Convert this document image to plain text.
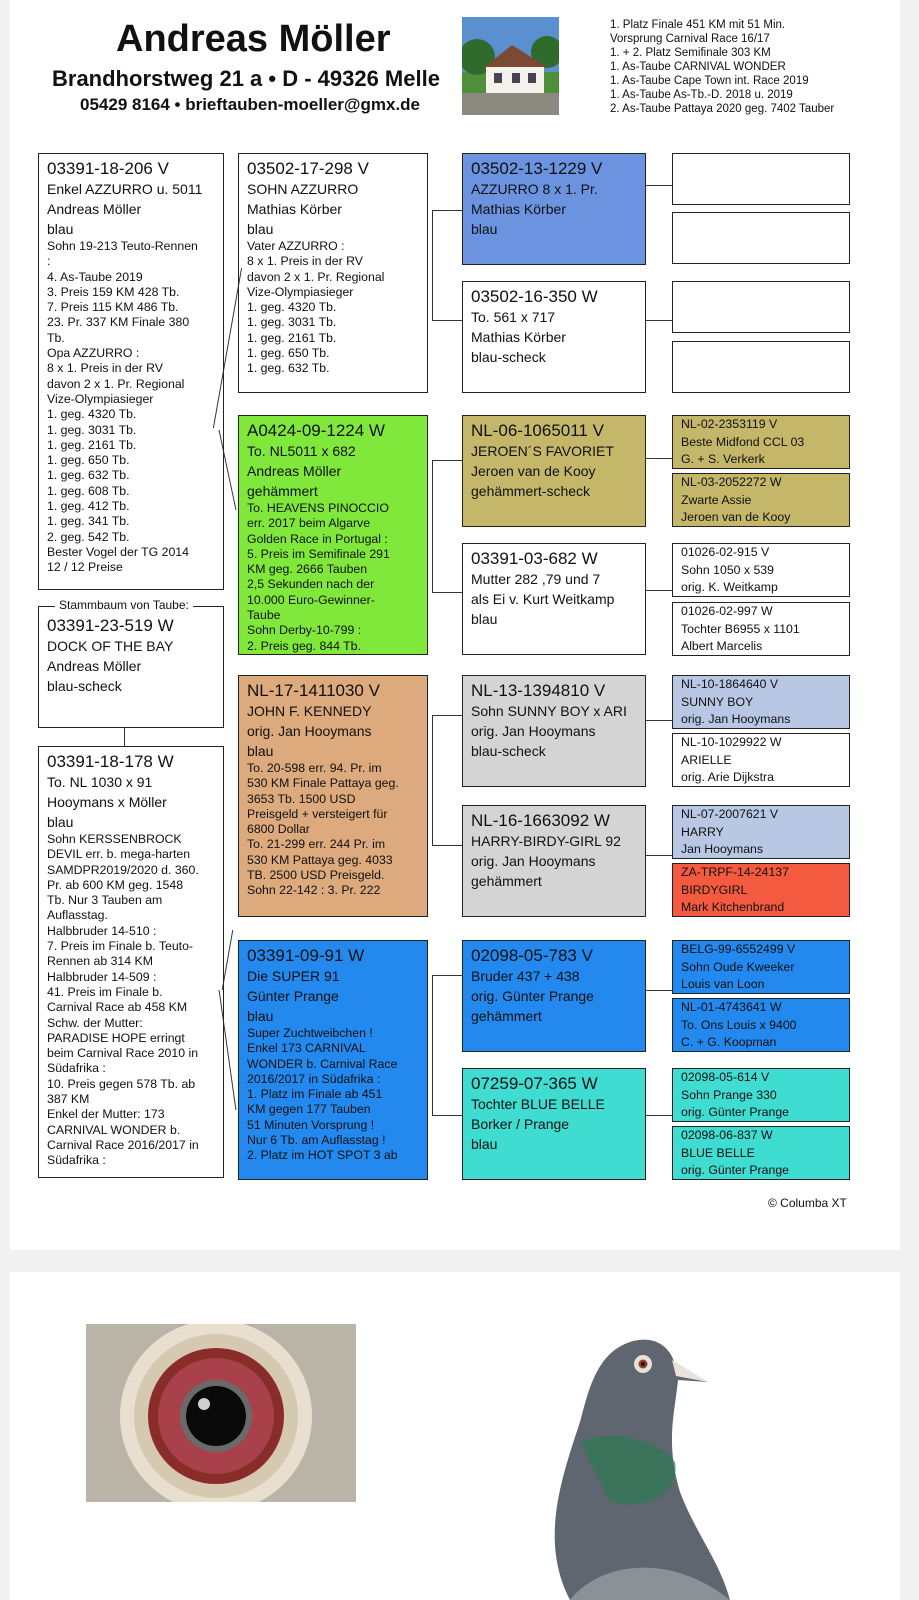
Andreas Möller
Brandhorstweg 21 a • D - 49326 Melle
05429 8164 • brieftauben-moeller@gmx.de
1. Platz Finale 451 KM mit 51 Min.
Vorsprung Carnival Race 16/17
1. + 2. Platz Semifinale 303 KM
1. As-Taube CARNIVAL WONDER
1. As-Taube Cape Town int. Race 2019
1. As-Taube As-Tb.-D. 2018 u. 2019
2. As-Taube Pattaya 2020 geg. 7402 Tauber
03391-18-206 V
Enkel AZZURRO u. 5011
Andreas Möller
blau
Sohn 19-213 Teuto-Rennen
:
4. As-Taube 2019
3. Preis 159 KM 428 Tb.
7. Preis 115 KM 486 Tb.
23. Pr. 337 KM Finale 380
Tb.
Opa AZZURRO :
8 x 1. Preis in der RV
davon 2 x 1. Pr. Regional
Vize-Olympiasieger
1. geg. 4320 Tb.
1. geg. 3031 Tb.
1. geg. 2161 Tb.
1. geg. 650 Tb.
1. geg. 632 Tb.
1. geg. 608 Tb.
1. geg. 412 Tb.
1. geg. 341 Tb.
2. geg. 542 Tb.
Bester Vogel der TG 2014
12 / 12 Preise
03391-23-519 W
DOCK OF THE BAY
Andreas Möller
blau-scheck
Stammbaum von Taube:
03391-18-178 W
To. NL 1030 x 91
Hooymans x Möller
blau
Sohn KERSSENBROCK
DEVIL err. b. mega-harten
SAMDPR2019/2020 d. 360.
Pr. ab 600 KM geg. 1548
Tb. Nur 3 Tauben am
Auflasstag.
Halbbruder 14-510 :
7. Preis im Finale b. Teuto-
Rennen ab 314 KM
Halbbruder 14-509 :
41. Preis im Finale b.
Carnival Race ab 458 KM
Schw. der Mutter:
PARADISE HOPE erringt
beim Carnival Race 2010 in
Südafrika :
10. Preis gegen 578 Tb. ab
387 KM
Enkel der Mutter: 173
CARNIVAL WONDER b.
Carnival Race 2016/2017 in
Südafrika :
03502-17-298 V
SOHN AZZURRO
Mathias Körber
blau
Vater AZZURRO :
8 x 1. Preis in der RV
davon 2 x 1. Pr. Regional
Vize-Olympiasieger
1. geg. 4320 Tb.
1. geg. 3031 Tb.
1. geg. 2161 Tb.
1. geg. 650 Tb.
1. geg. 632 Tb.
A0424-09-1224 W
To. NL5011 x 682
Andreas Möller
gehämmert
To. HEAVENS PINOCCIO
err. 2017 beim Algarve
Golden Race in Portugal :
5. Preis im Semifinale 291
KM geg. 2666 Tauben
2,5 Sekunden nach der
10.000 Euro-Gewinner-
Taube
Sohn Derby-10-799 :
2. Preis geg. 844 Tb.
NL-17-1411030 V
JOHN F. KENNEDY
orig. Jan Hooymans
blau
To. 20-598 err. 94. Pr. im
530 KM Finale Pattaya geg.
3653 Tb. 1500 USD
Preisgeld + versteigert für
6800 Dollar
To. 21-299 err. 244 Pr. im
530 KM Pattaya geg. 4033
TB. 2500 USD Preisgeld.
Sohn 22-142 : 3. Pr. 222
03391-09-91 W
Die SUPER 91
Günter Prange
blau
Super Zuchtweibchen !
Enkel 173 CARNIVAL
WONDER b. Carnival Race
2016/2017 in Südafrika :
1. Platz im Finale ab 451
KM gegen 177 Tauben
51 Minuten Vorsprung !
Nur 6 Tb. am Auflasstag !
2. Platz im HOT SPOT 3 ab
03502-13-1229 V
AZZURRO 8 x 1. Pr.
Mathias Körber
blau
03502-16-350 W
To. 561 x 717
Mathias Körber
blau-scheck
NL-06-1065011 V
JEROEN´S FAVORIET
Jeroen van de Kooy
gehämmert-scheck
03391-03-682 W
Mutter 282 ,79 und 7
als Ei v. Kurt Weitkamp
blau
NL-13-1394810 V
Sohn SUNNY BOY x ARI
orig. Jan Hooymans
blau-scheck
NL-16-1663092 W
HARRY-BIRDY-GIRL 92
orig. Jan Hooymans
gehämmert
02098-05-783 V
Bruder 437 + 438
orig. Günter Prange
gehämmert
07259-07-365 W
Tochter BLUE BELLE
Borker / Prange
blau
NL-02-2353119 V
Beste Midfond CCL 03
G. + S. Verkerk
NL-03-2052272 W
Zwarte Assie
Jeroen van de Kooy
01026-02-915 V
Sohn 1050 x 539
orig. K. Weitkamp
01026-02-997 W
Tochter B6955 x 1101
Albert Marcelis
NL-10-1864640 V
SUNNY BOY
orig. Jan Hooymans
NL-10-1029922 W
ARIELLE
orig. Arie Dijkstra
NL-07-2007621 V
HARRY
Jan Hooymans
ZA-TRPF-14-24137
BIRDYGIRL
Mark Kitchenbrand
BELG-99-6552499 V
Sohn Oude Kweeker
Louis van Loon
NL-01-4743641 W
To. Ons Louis x 9400
C. + G. Koopman
02098-05-614 V
Sohn Prange 330
orig. Günter Prange
02098-06-837 W
BLUE BELLE
orig. Günter Prange
© Columba XT
